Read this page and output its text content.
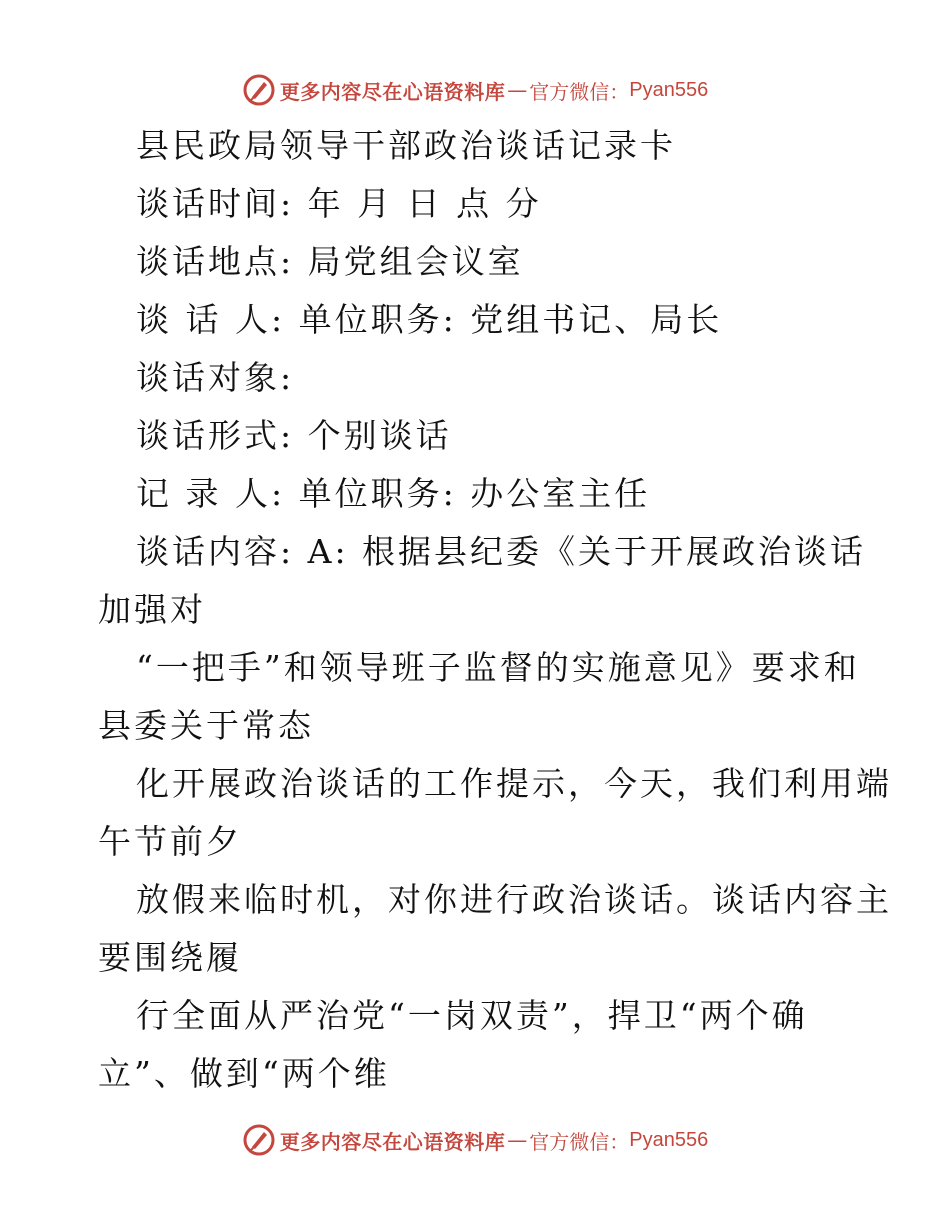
更多内容尽在心语资料库 — 官方微信： Pyan556
县民政局领导干部政治谈话记录卡
谈话时间: 年 月 日 点 分
谈话地点: 局党组会议室
谈 话 人: 单位职务: 党组书记、局长
谈话对象:
谈话形式: 个别谈话
记 录 人: 单位职务: 办公室主任
谈话内容: A: 根据县纪委《关于开展政治谈话
加强对
“一把手”和领导班子监督的实施意见》要求和
县委关于常态
化开展政治谈话的工作提示，今天，我们利用端
午节前夕
放假来临时机，对你进行政治谈话。谈话内容主
要围绕履
行全面从严治党“一岗双责”，捍卫“两个确
立”、做到“两个维
更多内容尽在心语资料库 — 官方微信： Pyan556
